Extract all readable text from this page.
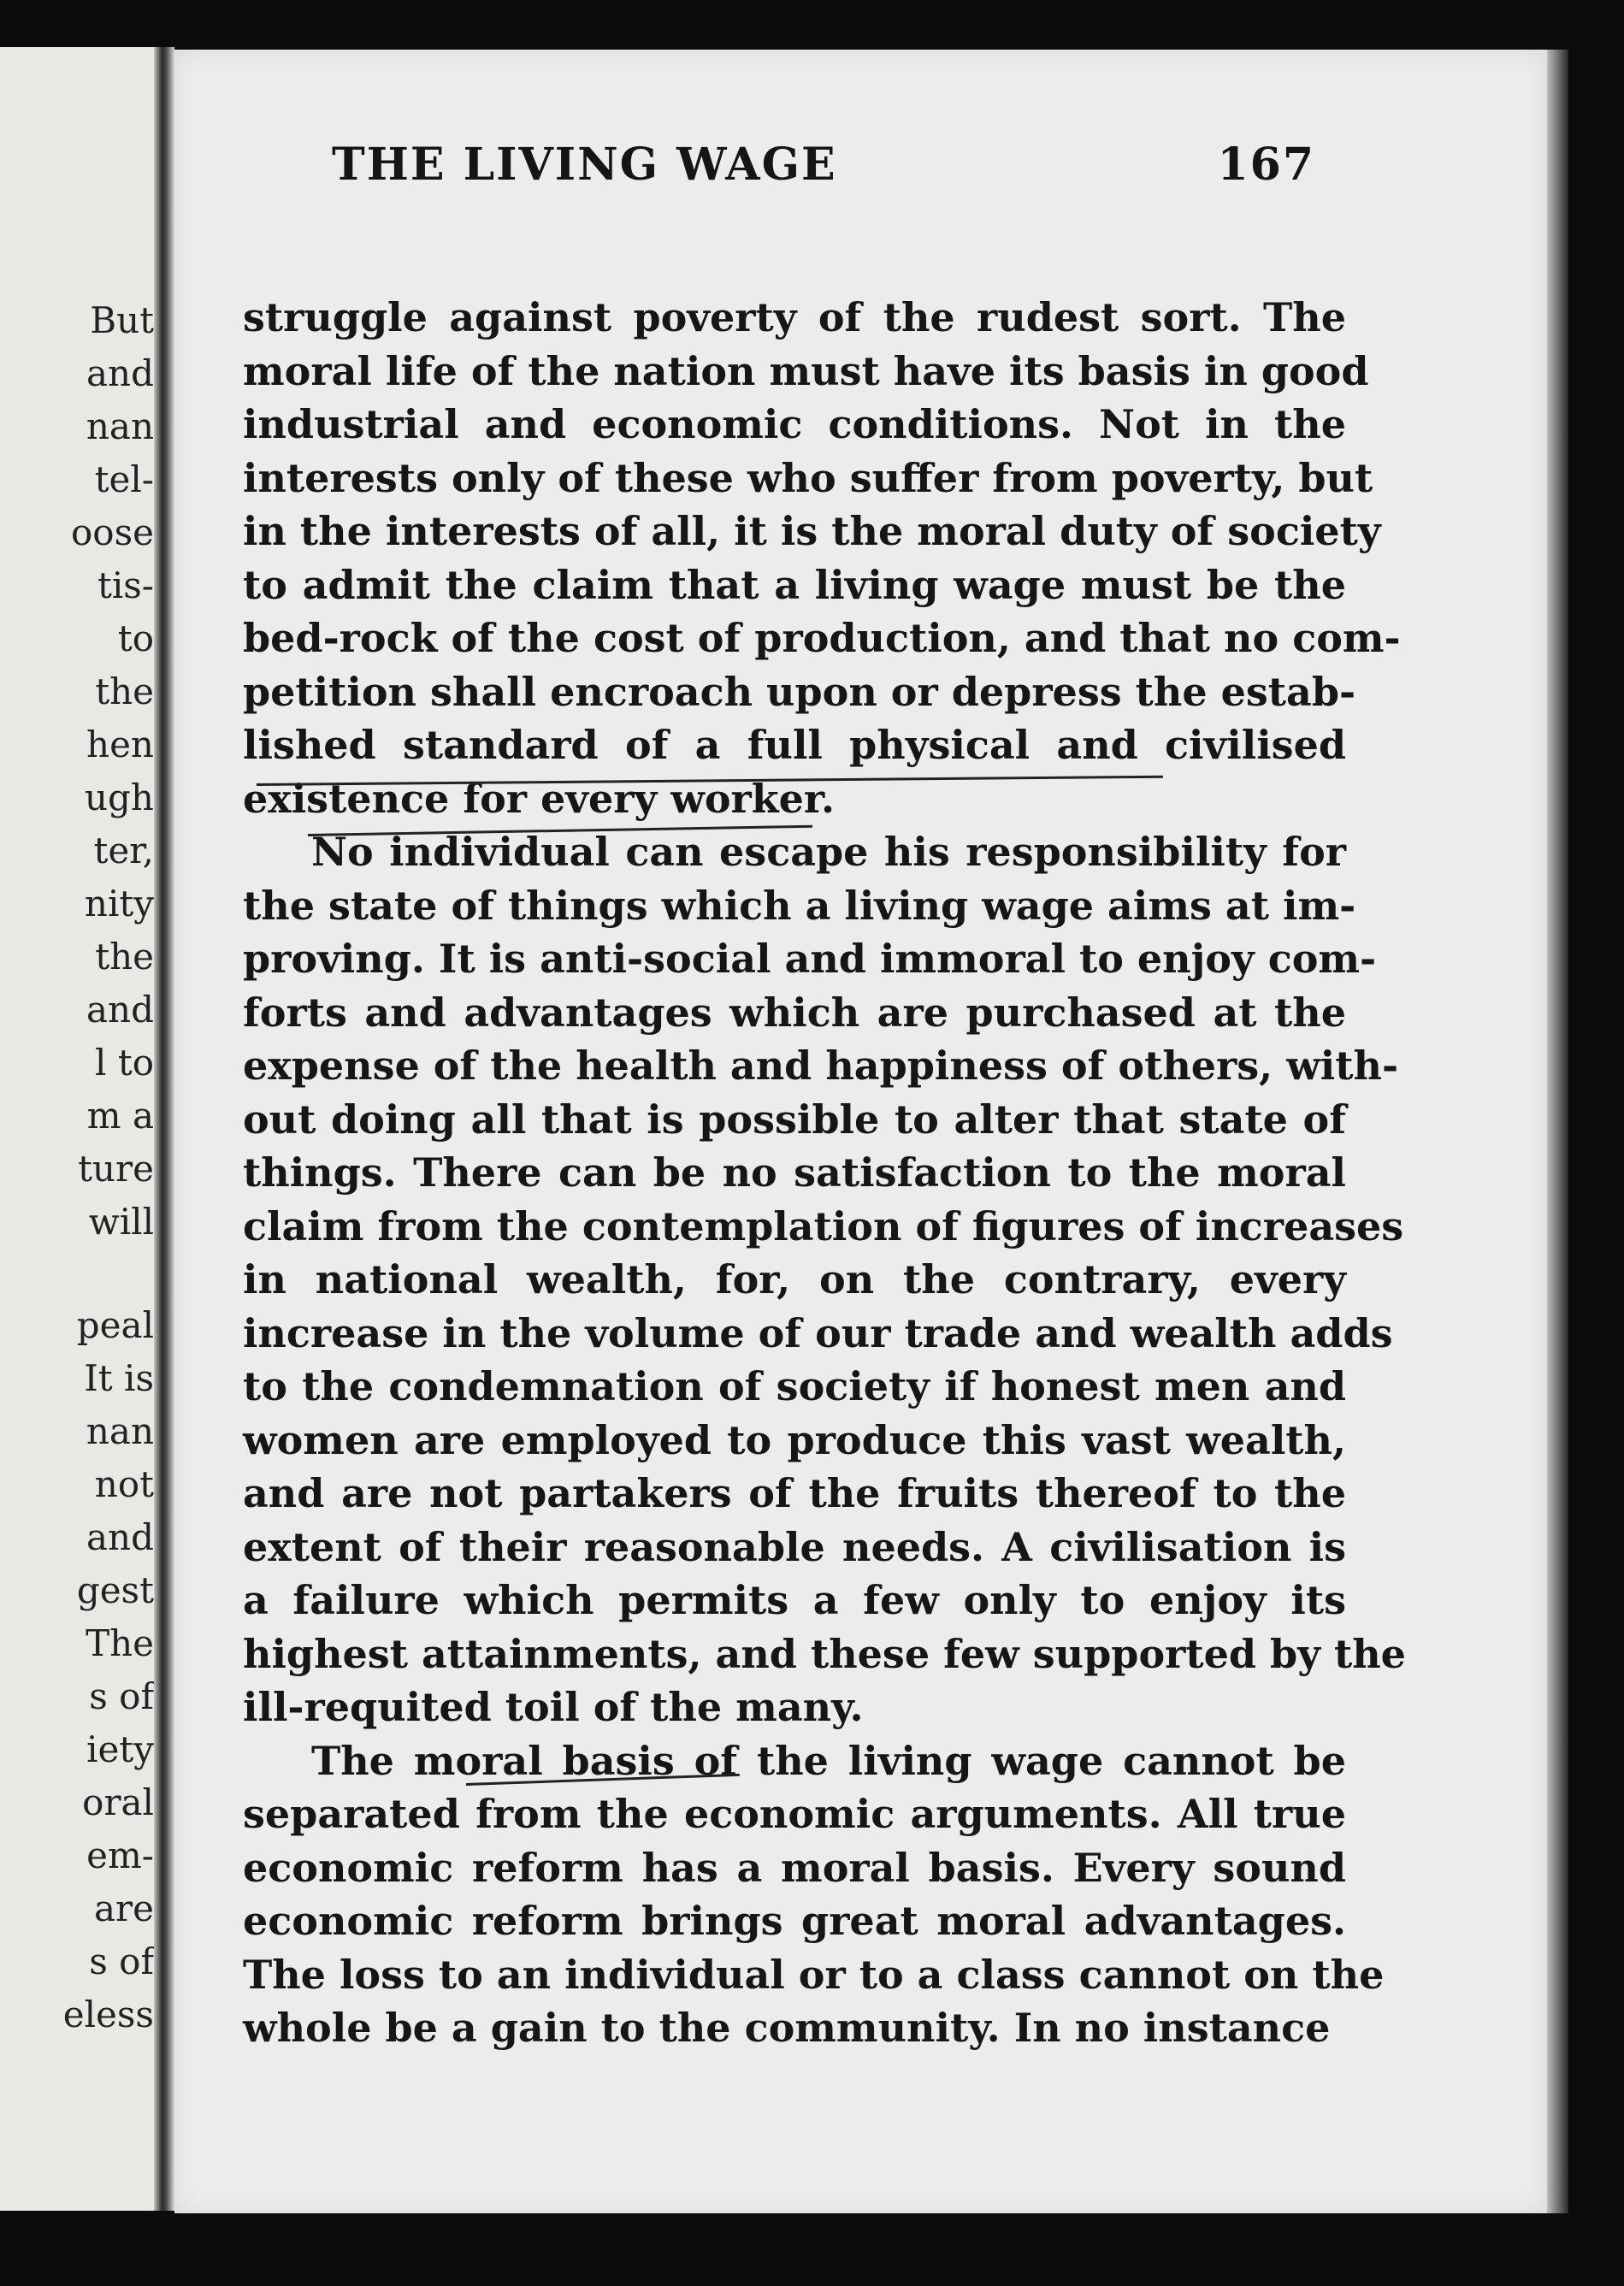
But
and
nan
tel-
oose
tis-
to
the
hen
ugh
ter,
nity
the
and
l to
m a
ture
will
peal
It is
nan
not
and
gest
The
s of
iety
oral
em-
are
s of
eless
THE LIVING WAGE	167
struggle against poverty of the rudest sort. The
moral life of the nation must have its basis in good
industrial and economic conditions. Not in the
interests only of these who suffer from poverty, but
in the interests of all, it is the moral duty of society
to admit the claim that a living wage must be the
bed-rock of the cost of production, and that no com-
petition shall encroach upon or depress the estab-
lished standard of a full physical and civilised
existence for every worker.
No individual can escape his responsibility for
the state of things which a living wage aims at im-
proving. It is anti-social and immoral to enjoy com-
forts and advantages which are purchased at the
expense of the health and happiness of others, with-
out doing all that is possible to alter that state of
things. There can be no satisfaction to the moral
claim from the contemplation of figures of increases
in national wealth, for, on the contrary, every
increase in the volume of our trade and wealth adds
to the condemnation of society if honest men and
women are employed to produce this vast wealth,
and are not partakers of the fruits thereof to the
extent of their reasonable needs. A civilisation is
a failure which permits a few only to enjoy its
highest attainments, and these few supported by the
ill-requited toil of the many.
The moral basis of the living wage cannot be
separated from the economic arguments. All true
economic reform has a moral basis. Every sound
economic reform brings great moral advantages.
The loss to an individual or to a class cannot on the
whole be a gain to the community. In no instance
